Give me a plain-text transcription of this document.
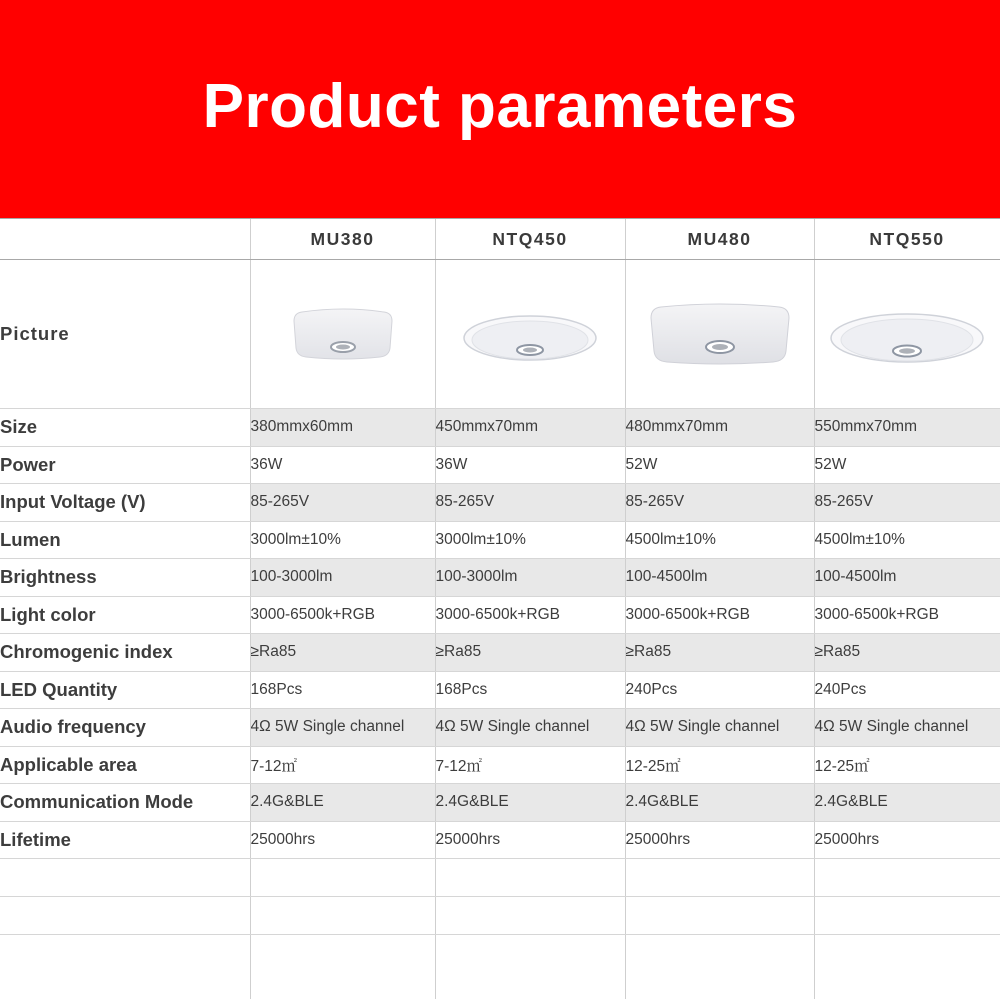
Product parameters
	MU380	NTQ450	MU480	NTQ550
Picture	

Size	380mmx60mm	450mmx70mm	480mmx70mm	550mmx70mm
Power	36W	36W	52W	52W
Input Voltage (V)	85-265V	85-265V	85-265V	85-265V
Lumen	3000lm±10%	3000lm±10%	4500lm±10%	4500lm±10%
Brightness	100-3000lm	100-3000lm	100-4500lm	100-4500lm
Light color	3000-6500k+RGB	3000-6500k+RGB	3000-6500k+RGB	3000-6500k+RGB
Chromogenic index	≥Ra85	≥Ra85	≥Ra85	≥Ra85
LED Quantity	168Pcs	168Pcs	240Pcs	240Pcs
Audio frequency	4Ω 5W Single channel	4Ω 5W Single channel	4Ω 5W Single channel	4Ω 5W Single channel
Applicable area	7-12㎡	7-12㎡	12-25㎡	12-25㎡
Communication Mode	2.4G&BLE	2.4G&BLE	2.4G&BLE	2.4G&BLE
Lifetime	25000hrs	25000hrs	25000hrs	25000hrs
